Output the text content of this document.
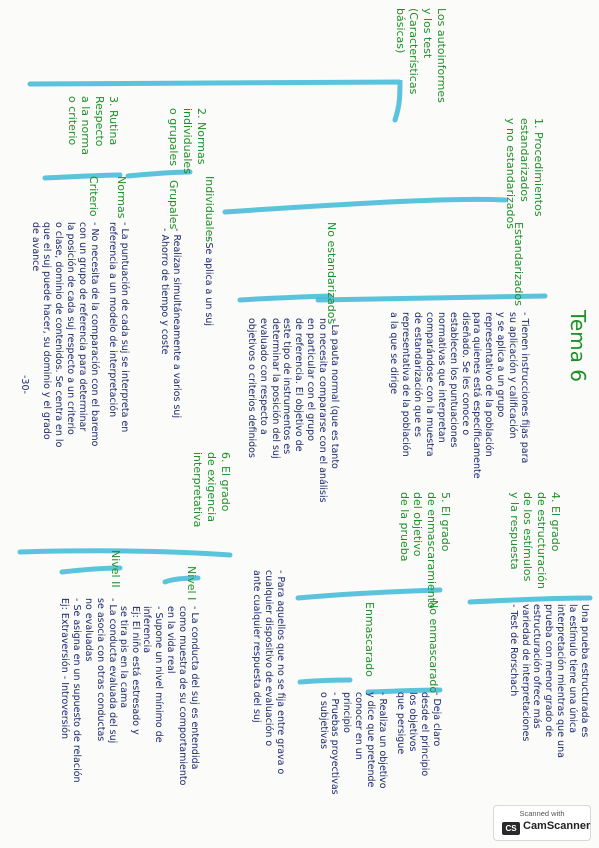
Los autoinformes
y los test
(Características
básicas)
Tema 6
1. Procedimientos
estandarizados
y no estandarizados
Estandarizados
- Tienen instrucciones fijas para
su aplicación y calificación
y se aplica a un grupo
representativo de la población
para quienes está específicamente
diseñado. Se les conoce o
establecen los puntuaciones
normativas que interpretan
comparándose con la muestra
de estandarización que es
representativa de la población
a la que se dirige
No estandarizados
- La pauta normal (que es tanto
no necesita compararse con el análisis
en particular con el grupo
de referencia. El objetivo de
este tipo de instrumentos es
determinar la posición del suj
evaluado con respecto a
objetivos o criterios definidos
2. Normas
individuales
o grupales
Individuales
- Se aplica a un suj
Grupales
- Realizan simultáneamente a varios suj
- Ahorro de tiempo y coste
3. Rutina
Respecto
a la norma
o criterio
Normas
- La puntuación de cada suj se interpreta en
referencia a un modelo de interpretación
Criterio
- No necesita de la comparación con el baremo
con un grupo de referencia para determinar
la posición de cada suj respecto a un criterio
o clase, dominio de contenidos. Se centra en lo
que el suj puede hacer, su dominio y el grado
de avance
-30-
4. El grado
de estructuración
de los estímulos
y la respuesta
Una prueba estructurada es
la estímulo tiene una única
interpretación mientras que una
prueba con menor grado de
estructuración ofrece más
variedad de interpretaciones
- Test de Rorschach
5. El grado
de enmascaramiento
del objetivo
de la prueba
No enmascarado
- Deja claro
desde el principio
los objetivos
que persigue
Enmascarado
- Realiza un objetivo
y dice que pretende
conocer en un
principio
- Pruebas proyectivas
o subjetivas
6. El grado
de exigencia
interpretativa
- Para aquellos que no se fija entre grava o
cualquier dispositivo de evaluación o
ante cualquier respuesta del suj
Nivel I
- La conducta del suj es entendida
como muestra de su comportamiento
en la vida real
- Supone un nivel mínimo de
inferencia
Ej: El niño está estresado y
se tira pis en la cama
Nivel II
- La conducta evaluada del suj
se asocia con otras conductas
no evaluadas
- Se asigna en un supuesto de relación
Ej: Extraversión - Introversión
Scanned with
CS CamScanner
